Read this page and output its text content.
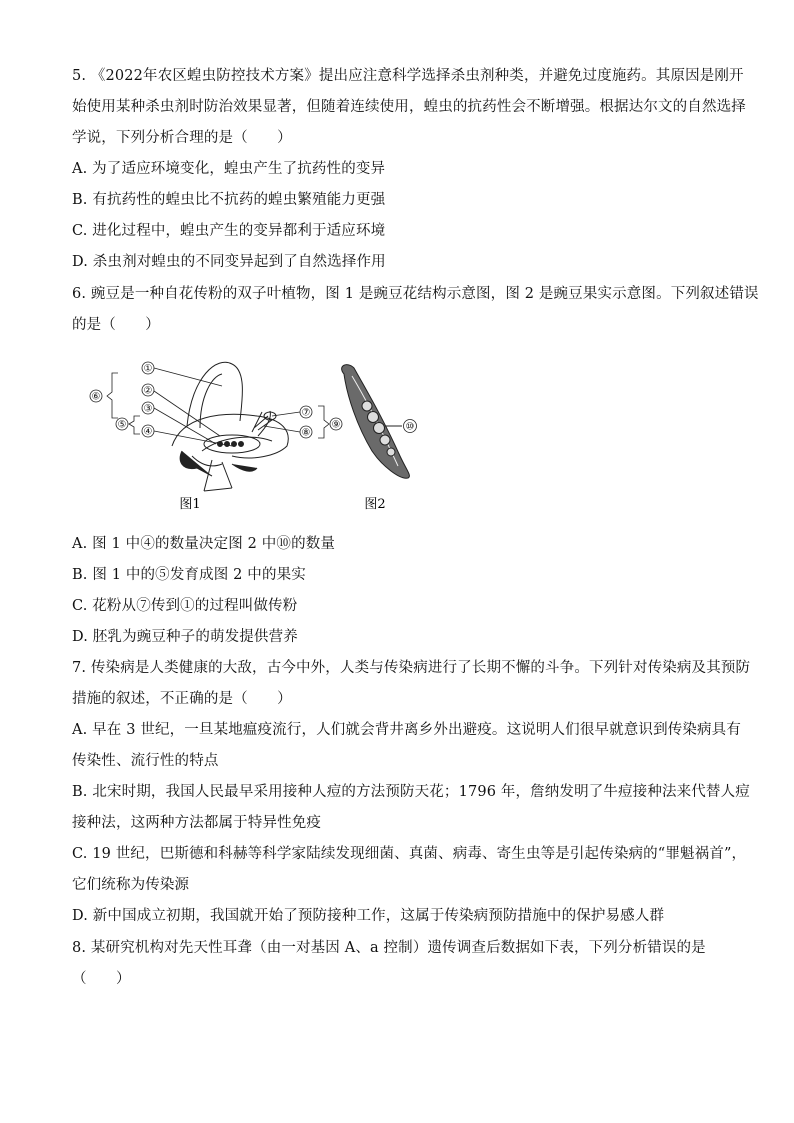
5. 《2022年农区蝗虫防控技术方案》提出应注意科学选择杀虫剂种类，并避免过度施药。其原因是刚开
始使用某种杀虫剂时防治效果显著，但随着连续使用，蝗虫的抗药性会不断增强。根据达尔文的自然选择
学说，下列分析合理的是（　　）
A. 为了适应环境变化，蝗虫产生了抗药性的变异
B. 有抗药性的蝗虫比不抗药的蝗虫繁殖能力更强
C. 进化过程中，蝗虫产生的变异都利于适应环境
D. 杀虫剂对蝗虫的不同变异起到了自然选择作用
6. 豌豆是一种自花传粉的双子叶植物，图 1 是豌豆花结构示意图，图 2 是豌豆果实示意图。下列叙述错误
的是（　　）
①
②
③
④
⑤
⑥
⑦
⑧
⑨	⑩
图1	图2
A. 图 1 中④的数量决定图 2 中⑩的数量
B. 图 1 中的⑤发育成图 2 中的果实
C. 花粉从⑦传到①的过程叫做传粉
D. 胚乳为豌豆种子的萌发提供营养
7. 传染病是人类健康的大敌，古今中外，人类与传染病进行了长期不懈的斗争。下列针对传染病及其预防
措施的叙述，不正确的是（　　）
A. 早在 3 世纪，一旦某地瘟疫流行，人们就会背井离乡外出避疫。这说明人们很早就意识到传染病具有
传染性、流行性的特点
B. 北宋时期，我国人民最早采用接种人痘的方法预防天花；1796 年，詹纳发明了牛痘接种法来代替人痘
接种法，这两种方法都属于特异性免疫
C. 19 世纪，巴斯德和科赫等科学家陆续发现细菌、真菌、病毒、寄生虫等是引起传染病的“罪魁祸首”，
它们统称为传染源
D. 新中国成立初期，我国就开始了预防接种工作，这属于传染病预防措施中的保护易感人群
8. 某研究机构对先天性耳聋（由一对基因 A、a 控制）遗传调查后数据如下表，下列分析错误的是
（　　）
